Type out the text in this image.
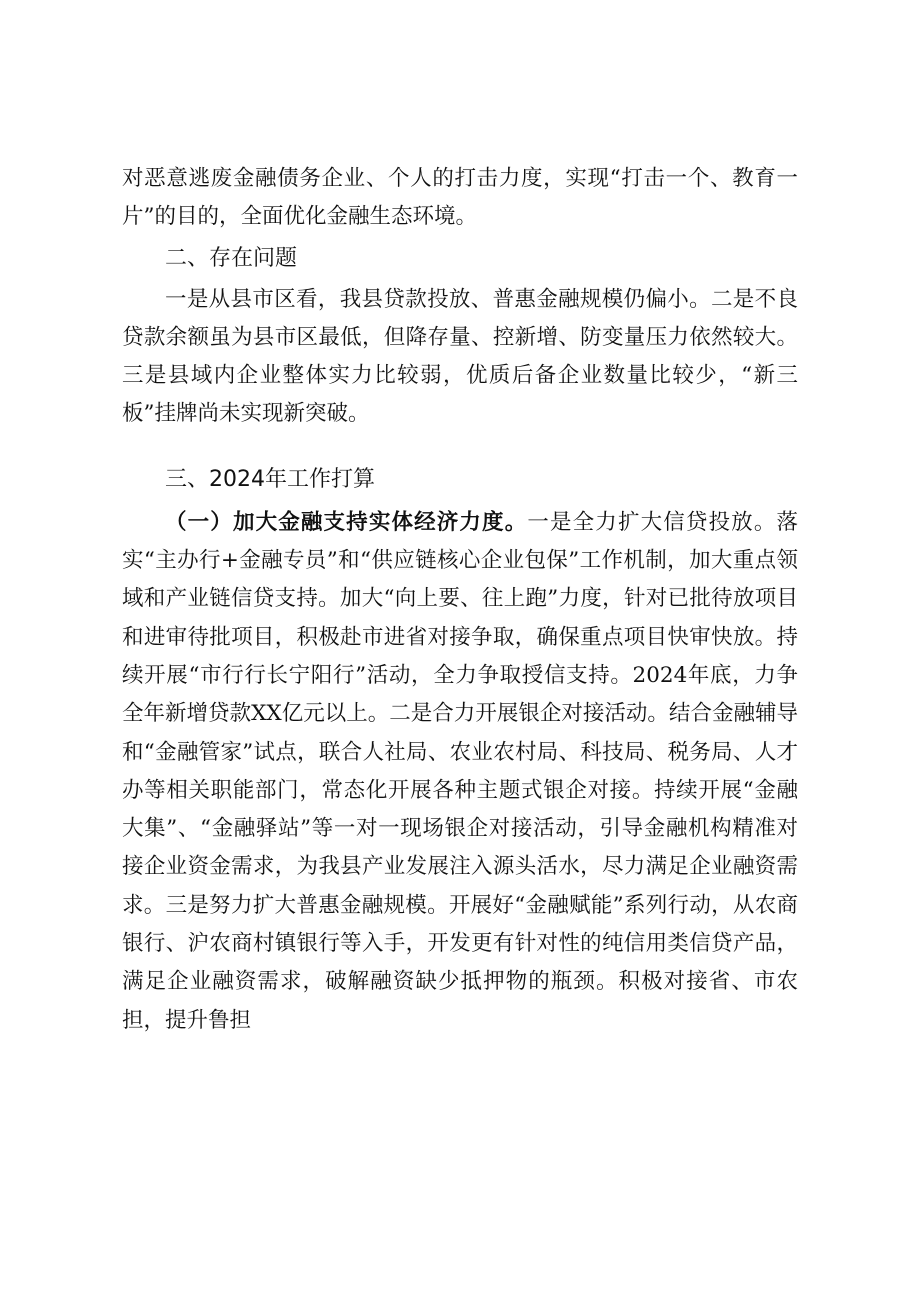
对恶意逃废金融债务企业、个人的打击力度，实现“打击一个、教育一片”的目的，全面优化金融生态环境。

二、存在问题

一是从县市区看，我县贷款投放、普惠金融规模仍偏小。二是不良贷款余额虽为县市区最低，但降存量、控新增、防变量压力依然较大。三是县域内企业整体实力比较弱，优质后备企业数量比较少，“新三板”挂牌尚未实现新突破。

三、2024年工作打算

（一）加大金融支持实体经济力度。一是全力扩大信贷投放。落实“主办行+金融专员”和“供应链核心企业包保”工作机制，加大重点领域和产业链信贷支持。加大“向上要、往上跑”力度，针对已批待放项目和进审待批项目，积极赴市进省对接争取，确保重点项目快审快放。持续开展“市行行长宁阳行”活动，全力争取授信支持。2024年底，力争全年新增贷款XX亿元以上。二是合力开展银企对接活动。结合金融辅导和“金融管家”试点，联合人社局、农业农村局、科技局、税务局、人才办等相关职能部门，常态化开展各种主题式银企对接。持续开展“金融大集”、“金融驿站”等一对一现场银企对接活动，引导金融机构精准对接企业资金需求，为我县产业发展注入源头活水，尽力满足企业融资需求。三是努力扩大普惠金融规模。开展好“金融赋能”系列行动，从农商银行、沪农商村镇银行等入手，开发更有针对性的纯信用类信贷产品，满足企业融资需求，破解融资缺少抵押物的瓶颈。积极对接省、市农担，提升鲁担
